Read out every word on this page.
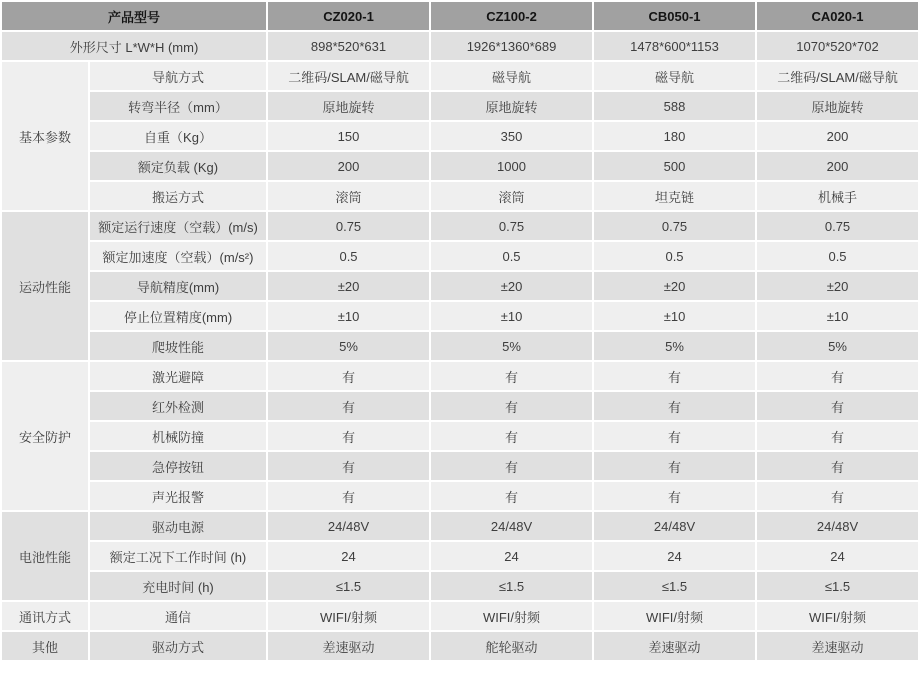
产品型号		CZ020-1	CZ100-2	CB050-1	CA020-1
外形尺寸 L*W*H (mm)		898*520*631	1926*1360*689	1478*600*1153	1070*520*702
基本参数	导航方式	二维码/SLAM/磁导航	磁导航	磁导航	二维码/SLAM/磁导航
	转弯半径（mm）	原地旋转	原地旋转	588	原地旋转
	自重（Kg）	150	350	180	200
	额定负载 (Kg)	200	1000	500	200
	搬运方式	滚筒	滚筒	坦克链	机械手
运动性能	额定运行速度（空载）(m/s)	0.75	0.75	0.75	0.75
	额定加速度（空载）(m/s²)	0.5	0.5	0.5	0.5
	导航精度(mm)	±20	±20	±20	±20
	停止位置精度(mm)	±10	±10	±10	±10
	爬坡性能	5%	5%	5%	5%
安全防护	激光避障	有	有	有	有
	红外检测	有	有	有	有
	机械防撞	有	有	有	有
	急停按钮	有	有	有	有
	声光报警	有	有	有	有
电池性能	驱动电源	24/48V	24/48V	24/48V	24/48V
	额定工况下工作时间 (h)	24	24	24	24
	充电时间 (h)	≤1.5	≤1.5	≤1.5	≤1.5
通讯方式	通信	WIFI/射频	WIFI/射频	WIFI/射频	WIFI/射频
其他	驱动方式	差速驱动	舵轮驱动	差速驱动	差速驱动
